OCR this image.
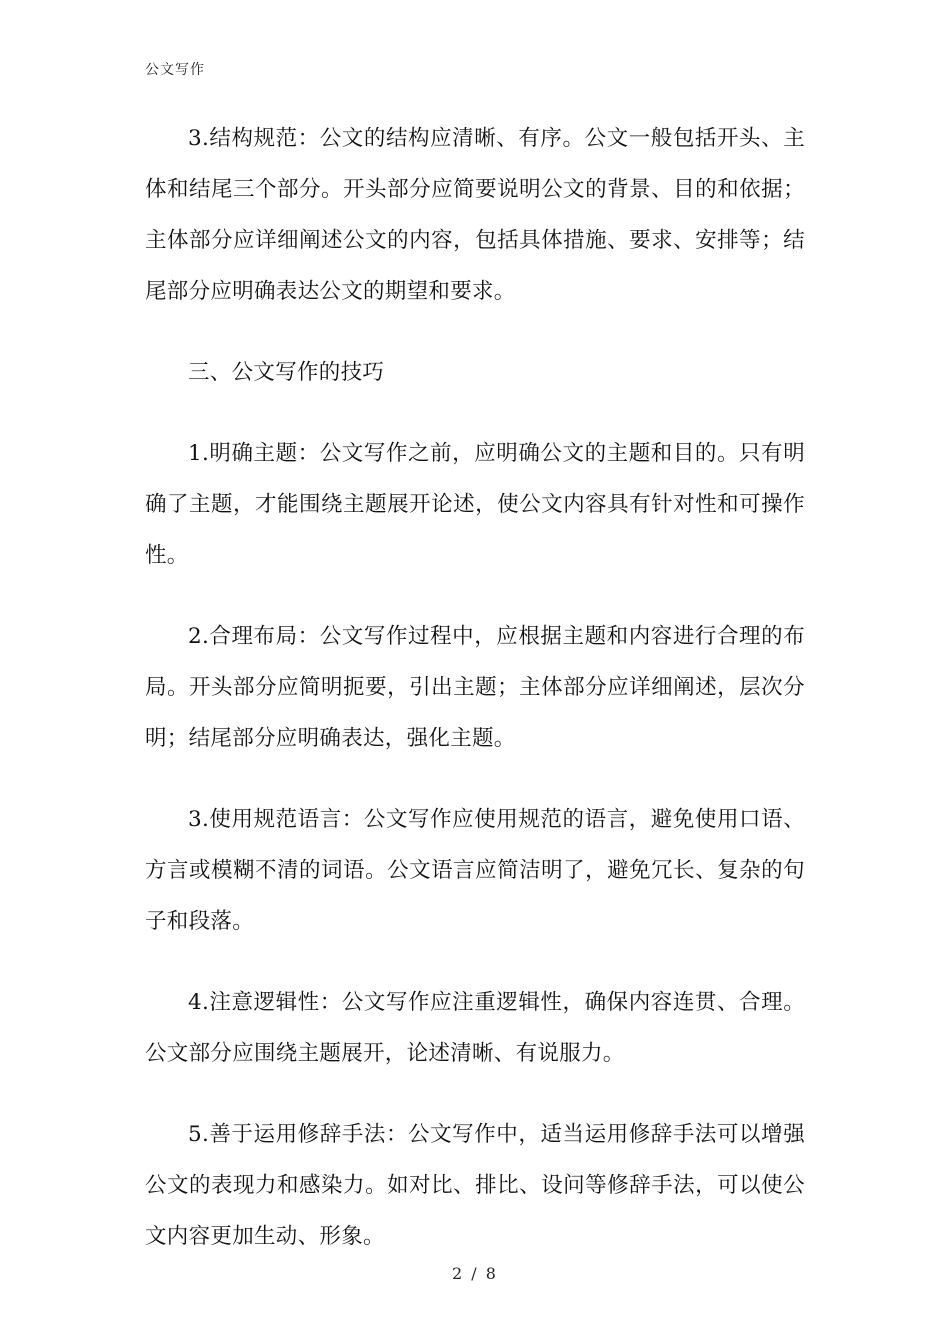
公文写作

3.结构规范：公文的结构应清晰、有序。公文一般包括开头、主体和结尾三个部分。开头部分应简要说明公文的背景、目的和依据；主体部分应详细阐述公文的内容，包括具体措施、要求、安排等；结尾部分应明确表达公文的期望和要求。

三、公文写作的技巧

1.明确主题：公文写作之前，应明确公文的主题和目的。只有明确了主题，才能围绕主题展开论述，使公文内容具有针对性和可操作性。

2.合理布局：公文写作过程中，应根据主题和内容进行合理的布局。开头部分应简明扼要，引出主题；主体部分应详细阐述，层次分明；结尾部分应明确表达，强化主题。

3.使用规范语言：公文写作应使用规范的语言，避免使用口语、方言或模糊不清的词语。公文语言应简洁明了，避免冗长、复杂的句子和段落。

4.注意逻辑性：公文写作应注重逻辑性，确保内容连贯、合理。公文部分应围绕主题展开，论述清晰、有说服力。

5.善于运用修辞手法：公文写作中，适当运用修辞手法可以增强公文的表现力和感染力。如对比、排比、设问等修辞手法，可以使公文内容更加生动、形象。

2 / 8
